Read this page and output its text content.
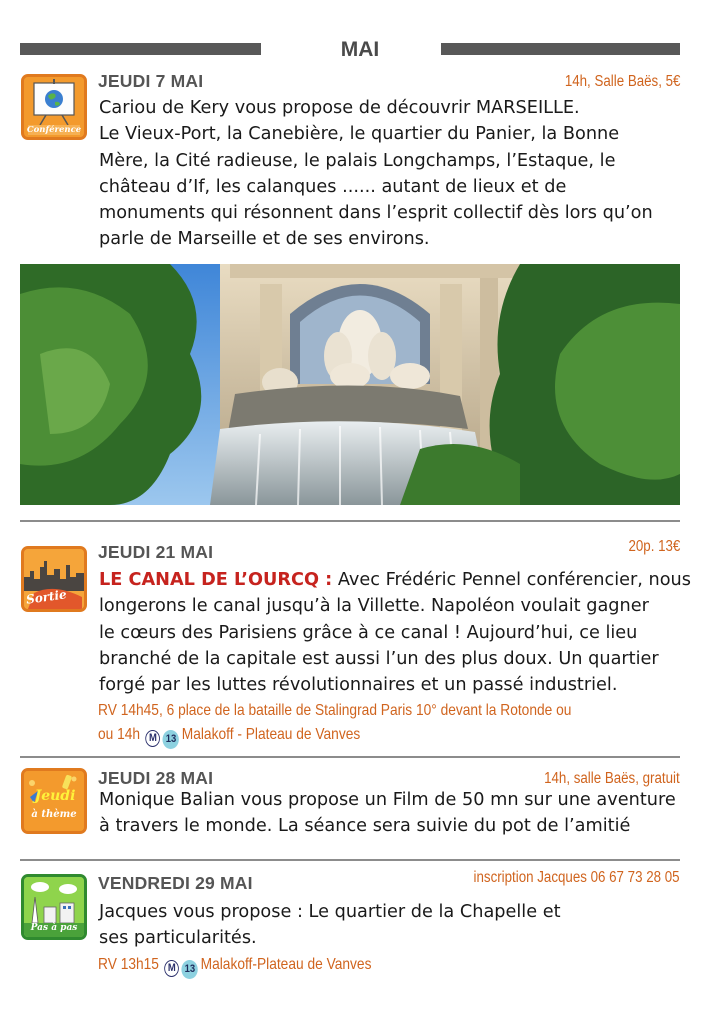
MAI
Conférence
JEUDI 7 MAI	14h, Salle Baës, 5€
Cariou de Kery vous propose de découvrir MARSEILLE.
Le Vieux-Port, la Canebière, le quartier du Panier, la Bonne
Mère, la Cité radieuse, le palais Longchamps, l’Estaque, le
château d’If, les calanques ...... autant de lieux et de
monuments qui résonnent dans l’esprit collectif dès lors qu’on
parle de Marseille et de ses environs.
Sortie
JEUDI 21 MAI	20p. 13€
LE CANAL DE L’OURCQ : Avec Frédéric Pennel conférencier, nous
longerons le canal jusqu’à la Villette. Napoléon voulait gagner
le cœurs des Parisiens grâce à ce canal ! Aujourd’hui, ce lieu
branché de la capitale est aussi l’un des plus doux. Un quartier
forgé par les luttes révolutionnaires et un passé industriel.
RV 14h45, 6 place de la bataille de Stalingrad Paris 10° devant la Rotonde ou
ou 14h M 13 Malakoff - Plateau de Vanves
Jeudi
à thème
JEUDI 28 MAI	14h, salle Baës, gratuit
Monique Balian vous propose un Film de 50 mn sur une aventure
à travers le monde. La séance sera suivie du pot de l’amitié
Pas à pas
VENDREDI 29 MAI	inscription Jacques 06 67 73 28 05
Jacques vous propose : Le quartier de la Chapelle et
ses particularités.
RV 13h15 M 13 Malakoff-Plateau de Vanves
